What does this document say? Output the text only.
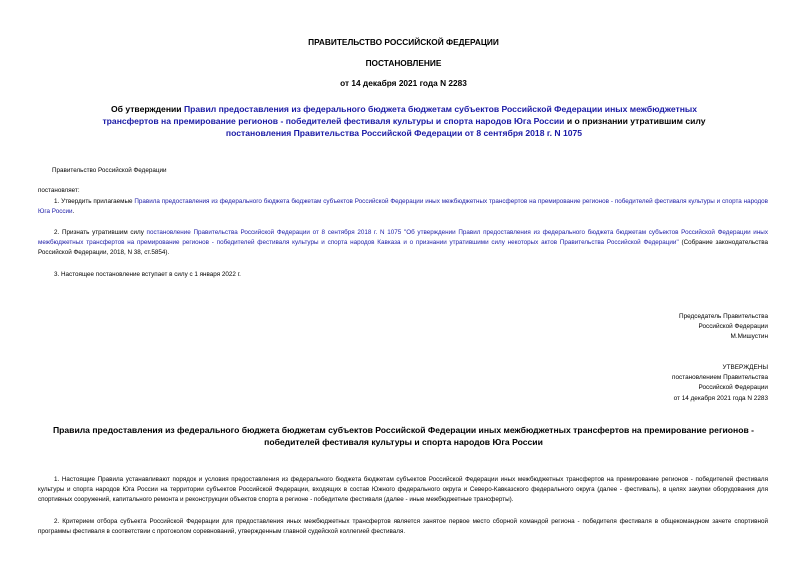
ПРАВИТЕЛЬСТВО РОССИЙСКОЙ ФЕДЕРАЦИИ
ПОСТАНОВЛЕНИЕ
от 14 декабря 2021 года N 2283
Об утверждении Правил предоставления из федерального бюджета бюджетам субъектов Российской Федерации иных межбюджетных трансфертов на премирование регионов - победителей фестиваля культуры и спорта народов Юга России и о признании утратившим силу постановления Правительства Российской Федерации от 8 сентября 2018 г. N 1075
Правительство Российской Федерации
постановляет:
1. Утвердить прилагаемые Правила предоставления из федерального бюджета бюджетам субъектов Российской Федерации иных межбюджетных трансфертов на премирование регионов - победителей фестиваля культуры и спорта народов Юга России.
2. Признать утратившим силу постановление Правительства Российской Федерации от 8 сентября 2018 г. N 1075 "Об утверждении Правил предоставления из федерального бюджета бюджетам субъектов Российской Федерации иных межбюджетных трансфертов на премирование регионов - победителей фестиваля культуры и спорта народов Кавказа и о признании утратившими силу некоторых актов Правительства Российской Федерации" (Собрание законодательства Российской Федерации, 2018, N 38, ст.5854).
3. Настоящее постановление вступает в силу с 1 января 2022 г.
Председатель Правительства
Российской Федерации
М.Мишустин
УТВЕРЖДЕНЫ
постановлением Правительства
Российской Федерации
от 14 декабря 2021 года N 2283
Правила предоставления из федерального бюджета бюджетам субъектов Российской Федерации иных межбюджетных трансфертов на премирование регионов - победителей фестиваля культуры и спорта народов Юга России
1. Настоящие Правила устанавливают порядок и условия предоставления из федерального бюджета бюджетам субъектов Российской Федерации иных межбюджетных трансфертов на премирование регионов - победителей фестиваля культуры и спорта народов Юга России на территории субъектов Российской Федерации, входящих в состав Южного федерального округа и Северо-Кавказского федерального округа (далее - фестиваль), в целях закупки оборудования для спортивных сооружений, капитального ремонта и реконструкции объектов спорта в регионе - победителе фестиваля (далее - иные межбюджетные трансферты).
2. Критерием отбора субъекта Российской Федерации для предоставления иных межбюджетных трансфертов является занятое первое место сборной командой региона - победителя фестиваля в общекомандном зачете спортивной программы фестиваля в соответствии с протоколом соревнований, утвержденным главной судейской коллегией фестиваля.
